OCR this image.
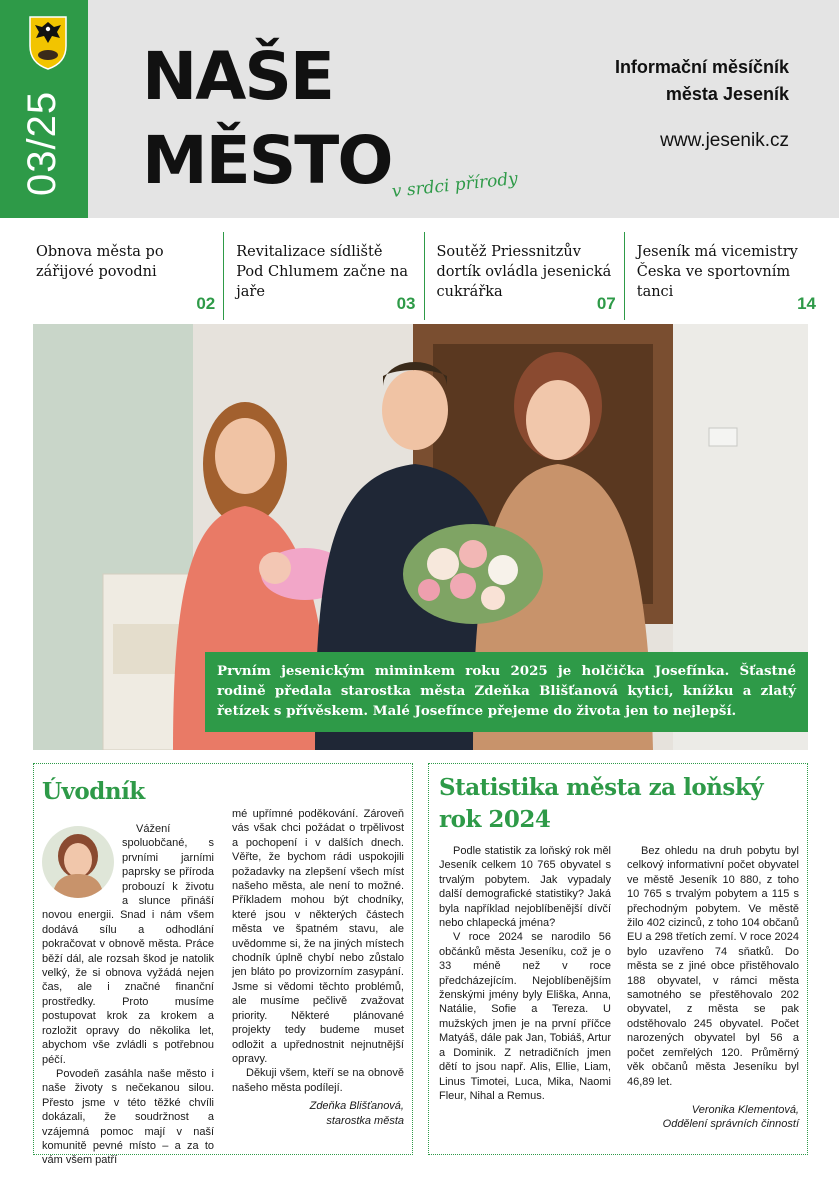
03/25
NAŠE
MĚSTO v srdci přírody
Informační měsíčník
města Jeseník
www.jesenik.cz
Obnova města po zářijové povodni
02
Revitalizace sídliště Pod Chlumem začne na jaře
03
Soutěž Priessnitzův dortík ovládla jesenická cukrářka
07
Jeseník má vicemistry Česka ve sportovním tanci
14
Prvním jesenickým miminkem roku 2025 je holčička Josefínka. Šťastné rodině předala starostka města Zdeňka Blišťanová kytici, knížku a zlatý řetízek s přívěskem. Malé Josefínce přejeme do života jen to nejlepší.
Úvodník

Vážení spoluobčané, s prvními jarními paprsky se příroda probouzí k životu a slunce přináší novou energii. Snad i nám všem dodává sílu a odhodlání pokračovat v obnově města. Práce běží dál, ale rozsah škod je natolik velký, že si obnova vyžádá nejen čas, ale i značné finanční prostředky. Proto musíme postupovat krok za krokem a rozložit opravy do několika let, abychom vše zvládli s potřebnou péčí.

Povodeň zasáhla naše město i naše životy s nečekanou silou. Přesto jsme v této těžké chvíli dokázali, že soudržnost a vzájemná pomoc mají v naší komunitě pevné místo – a za to vám všem patří

mé upřímné poděkování. Zároveň vás však chci požádat o trpělivost a pochopení i v dalších dnech. Věřte, že bychom rádi uspokojili požadavky na zlepšení všech míst našeho města, ale není to možné. Příkladem mohou být chodníky, které jsou v některých částech města ve špatném stavu, ale uvědomme si, že na jiných místech chodník úplně chybí nebo zůstalo jen bláto po provizorním zasypání. Jsme si vědomi těchto problémů, ale musíme pečlivě zvažovat priority. Některé plánované projekty tedy budeme muset odložit a upřednostnit nejnutnější opravy.

Děkuji všem, kteří se na obnově našeho města podílejí.

Zdeňka Blišťanová,
starostka města
Statistika města za loňský rok 2024

Podle statistik za loňský rok měl Jeseník celkem 10 765 obyvatel s trvalým pobytem. Jak vypadaly další demografické statistiky? Jaká byla například nejoblíbenější dívčí nebo chlapecká jména?

V roce 2024 se narodilo 56 občánků města Jeseníku, což je o 33 méně než v roce předcházejícím. Nejoblíbenějším ženskými jmény byly Eliška, Anna, Natálie, Sofie a Tereza. U mužských jmen je na první příčce Matyáš, dále pak Jan, Tobiáš, Artur a Dominik. Z netradičních jmen dětí to jsou např. Alis, Ellie, Liam, Linus Timotei, Luca, Mika, Naomi Fleur, Nihal a Remus.

Bez ohledu na druh pobytu byl celkový informativní počet obyvatel ve městě Jeseník 10 880, z toho 10 765 s trvalým pobytem a 115 s přechodným pobytem. Ve městě žilo 402 cizinců, z toho 104 občanů EU a 298 třetích zemí. V roce 2024 bylo uzavřeno 74 sňatků. Do města se z jiné obce přistěhovalo 188 obyvatel, v rámci města samotného se přestěhovalo 202 obyvatel, z města se pak odstěhovalo 245 obyvatel. Počet narozených obyvatel byl 56 a počet zemřelých 120. Průměrný věk občanů města Jeseníku byl 46,89 let.

Veronika Klementová,
Oddělení správních činností
